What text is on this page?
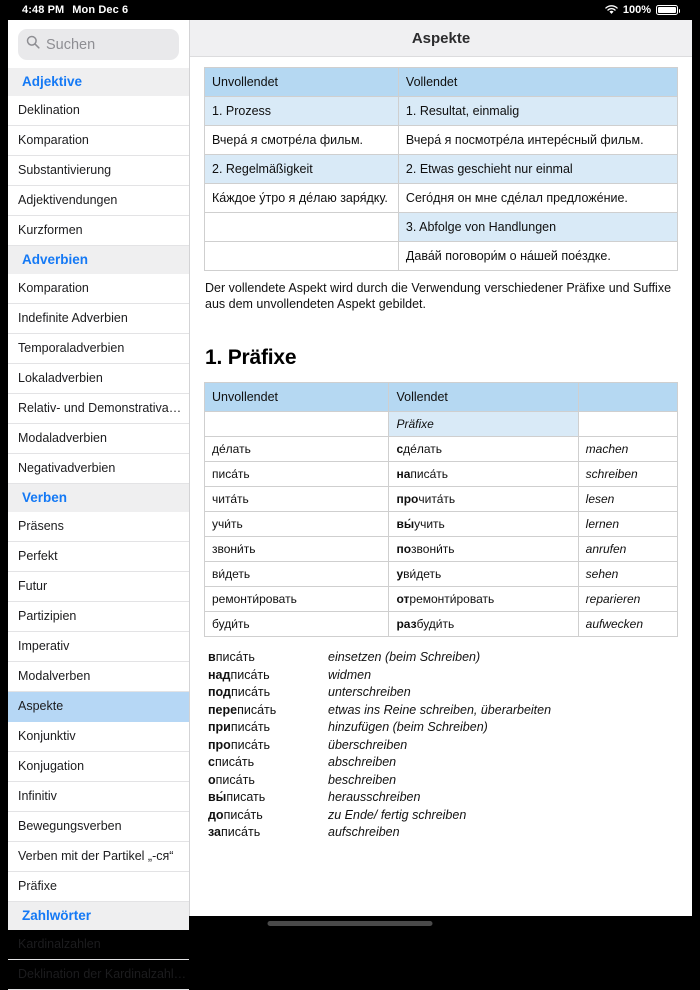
4:48 PM Mon Dec 6	100%
Suchen
Adjektive
Deklination
Komparation
Substantivierung
Adjektivendungen
Kurzformen
Adverbien
Komparation
Indefinite Adverbien
Temporaladverbien
Lokaladverbien
Relativ- und Demonstrativa…
Modaladverbien
Negativadverbien
Verben
Präsens
Perfekt
Futur
Partizipien
Imperativ
Modalverben
Aspekte
Konjunktiv
Konjugation
Infinitiv
Bewegungsverben
Verben mit der Partikel „-ся“
Präfixe
Zahlwörter
Kardinalzahlen
Deklination der Kardinalzahl…
Aspekte
Unvollendet	Vollendet
1. Prozess	1. Resultat, einmalig
Вчера́ я смотре́ла фильм.	Вчера́ я посмотре́ла интере́сный фильм.
2. Regelmäßigkeit	2. Etwas geschieht nur einmal
Ка́ждое у́тро я де́лаю заря́дку.	Сего́дня он мне сде́лал предложе́ние.
	3. Abfolge von Handlungen
	Дава́й поговори́м о на́шей пое́здке.
Der vollendete Aspekt wird durch die Verwendung verschiedener Präfixe und Suffixe aus dem unvollendeten Aspekt gebildet.
1. Präfixe
Unvollendet	Vollendet	
	Präfixe	
де́лать	сде́лать	machen
писа́ть	написа́ть	schreiben
чита́ть	прочита́ть	lesen
учи́ть	вы́учить	lernen
звони́ть	позвони́ть	anrufen
ви́деть	уви́деть	sehen
ремонти́ровать	отремонти́ровать	reparieren
буди́ть	разбуди́ть	aufwecken
вписа́ть	einsetzen (beim Schreiben)
надписа́ть	widmen
подписа́ть	unterschreiben
переписа́ть	etwas ins Reine schreiben, überarbeiten
приписа́ть	hinzufügen (beim Schreiben)
прописа́ть	überschreiben
списа́ть	abschreiben
описа́ть	beschreiben
вы́писать	herausschreiben
дописа́ть	zu Ende/ fertig schreiben
записа́ть	aufschreiben
